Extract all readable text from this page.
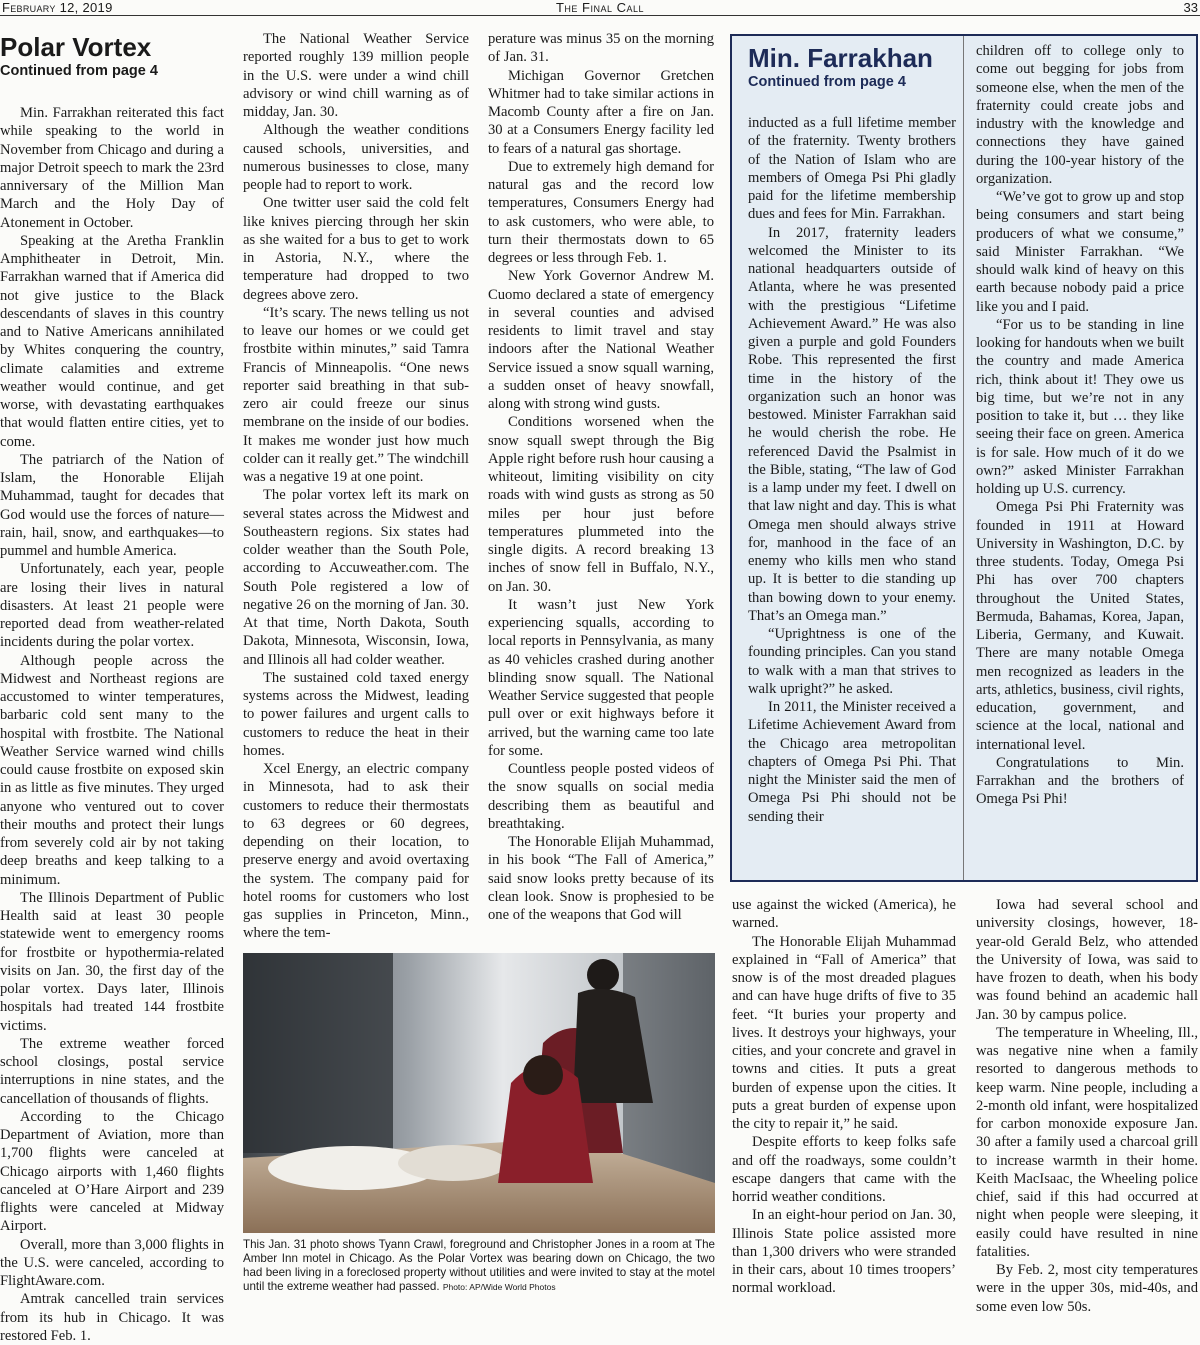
The Final Call
February 12, 2019	33
Polar Vortex
Continued from page 4

Min. Farrakhan reiterated this fact while speaking to the world in November from Chicago and during a major Detroit speech to mark the 23rd anniversary of the Million Man March and the Holy Day of Atonement in October.

Speaking at the Aretha Franklin Amphitheater in Detroit, Min. Farrakhan warned that if America did not give justice to the Black descendants of slaves in this country and to Native Americans annihilated by Whites conquering the country, climate calamities and extreme weather would continue, and get worse, with devastating earthquakes that would flatten entire cities, yet to come.

The patriarch of the Nation of Islam, the Honorable Elijah Muhammad, taught for decades that God would use the forces of nature—rain, hail, snow, and earthquakes—to pummel and humble America.

Unfortunately, each year, people are losing their lives in natural disasters. At least 21 people were reported dead from weather-related incidents during the polar vortex.

Although people across the Midwest and Northeast regions are accustomed to winter temperatures, barbaric cold sent many to the hospital with frostbite. The National Weather Service warned wind chills could cause frostbite on exposed skin in as little as five minutes. They urged anyone who ventured out to cover their mouths and protect their lungs from severely cold air by not taking deep breaths and keep talking to a minimum.

The Illinois Department of Public Health said at least 30 people statewide went to emergency rooms for frostbite or hypothermia-related visits on Jan. 30, the first day of the polar vortex. Days later, Illinois hospitals had treated 144 frostbite victims.

The extreme weather forced school closings, postal service interruptions in nine states, and the cancellation of thousands of flights.

According to the Chicago Department of Aviation, more than 1,700 flights were canceled at Chicago airports with 1,460 flights canceled at O’Hare Airport and 239 flights were canceled at Midway Airport.

Overall, more than 3,000 flights in the U.S. were canceled, according to FlightAware.com.

Amtrak cancelled train services from its hub in Chicago. It was restored Feb. 1.

The National Weather Service reported roughly 139 million people in the U.S. were under a wind chill advisory or wind chill warning as of midday, Jan. 30.

Although the weather conditions caused schools, universities, and numerous businesses to close, many people had to report to work.

One twitter user said the cold felt like knives piercing through her skin as she waited for a bus to get to work in Astoria, N.Y., where the temperature had dropped to two degrees above zero.

“It’s scary. The news telling us not to leave our homes or we could get frostbite within minutes,” said Tamra Francis of Minneapolis. “One news reporter said breathing in that sub-zero air could freeze our sinus membrane on the inside of our bodies. It makes me wonder just how much colder can it really get.” The windchill was a negative 19 at one point.

The polar vortex left its mark on several states across the Midwest and Southeastern regions. Six states had colder weather than the South Pole, according to Accuweather.com. The South Pole registered a low of negative 26 on the morning of Jan. 30. At that time, North Dakota, South Dakota, Minnesota, Wisconsin, Iowa, and Illinois all had colder weather.

The sustained cold taxed energy systems across the Midwest, leading to power failures and urgent calls to customers to reduce the heat in their homes.

Xcel Energy, an electric company in Minnesota, had to ask their customers to reduce their thermostats to 63 degrees or 60 degrees, depending on their location, to preserve energy and avoid overtaxing the system. The company paid for hotel rooms for customers who lost gas supplies in Princeton, Minn., where the tem-

perature was minus 35 on the morning of Jan. 31.

Michigan Governor Gretchen Whitmer had to take similar actions in Macomb County after a fire on Jan. 30 at a Consumers Energy facility led to fears of a natural gas shortage.

Due to extremely high demand for natural gas and the record low temperatures, Consumers Energy had to ask customers, who were able, to turn their thermostats down to 65 degrees or less through Feb. 1.

New York Governor Andrew M. Cuomo declared a state of emergency in several counties and advised residents to limit travel and stay indoors after the National Weather Service issued a snow squall warning, a sudden onset of heavy snowfall, along with strong wind gusts.

Conditions worsened when the snow squall swept through the Big Apple right before rush hour causing a whiteout, limiting visibility on city roads with wind gusts as strong as 50 miles per hour just before temperatures plummeted into the single digits. A record breaking 13 inches of snow fell in Buffalo, N.Y., on Jan. 30.

It wasn’t just New York experiencing squalls, according to local reports in Pennsylvania, as many as 40 vehicles crashed during another blinding snow squall. The National Weather Service suggested that people pull over or exit highways before it arrived, but the warning came too late for some.

Countless people posted videos of the snow squalls on social media describing them as beautiful and breathtaking.

The Honorable Elijah Muhammad, in his book “The Fall of America,” said snow looks pretty because of its clean look. Snow is prophesied to be one of the weapons that God will

use against the wicked (America), he warned.

The Honorable Elijah Muhammad explained in “Fall of America” that snow is of the most dreaded plagues and can have huge drifts of five to 35 feet. “It buries your property and lives. It destroys your highways, your cities, and your concrete and gravel in towns and cities. It puts a great burden of expense upon the cities. It puts a great burden of expense upon the city to repair it,” he said.

Despite efforts to keep folks safe and off the roadways, some couldn’t escape dangers that came with the horrid weather conditions.

In an eight-hour period on Jan. 30, Illinois State police assisted more than 1,300 drivers who were stranded in their cars, about 10 times troopers’ normal workload.

Iowa had several school and university closings, however, 18-year-old Gerald Belz, who attended the University of Iowa, was said to have frozen to death, when his body was found behind an academic hall Jan. 30 by campus police.

The temperature in Wheeling, Ill., was negative nine when a family resorted to dangerous methods to keep warm. Nine people, including a 2-month old infant, were hospitalized for carbon monoxide exposure Jan. 30 after a family used a charcoal grill to increase warmth in their home. Keith MacIsaac, the Wheeling police chief, said if this had occurred at night when people were sleeping, it easily could have resulted in nine fatalities.

By Feb. 2, most city temperatures were in the upper 30s, mid-40s, and some even low 50s.

Min. Farrakhan
Continued from page 4

inducted as a full lifetime member of the fraternity. Twenty brothers of the Nation of Islam who are members of Omega Psi Phi gladly paid for the lifetime membership dues and fees for Min. Farrakhan.

In 2017, fraternity leaders welcomed the Minister to its national headquarters outside of Atlanta, where he was presented with the prestigious “Lifetime Achievement Award.” He was also given a purple and gold Founders Robe. This represented the first time in the history of the organization such an honor was bestowed. Minister Farrakhan said he would cherish the robe. He referenced David the Psalmist in the Bible, stating, “The law of God is a lamp under my feet. I dwell on that law night and day. This is what Omega men should always strive for, manhood in the face of an enemy who kills men who stand up. It is better to die standing up than bowing down to your enemy. That’s an Omega man.”

“Uprightness is one of the founding principles. Can you stand to walk with a man that strives to walk upright?” he asked.

In 2011, the Minister received a Lifetime Achievement Award from the Chicago area metropolitan chapters of Omega Psi Phi. That night the Minister said the men of Omega Psi Phi should not be sending their

children off to college only to come out begging for jobs from someone else, when the men of the fraternity could create jobs and industry with the knowledge and connections they have gained during the 100-year history of the organization.

“We’ve got to grow up and stop being consumers and start being producers of what we consume,” said Minister Farrakhan. “We should walk kind of heavy on this earth because nobody paid a price like you and I paid.

“For us to be standing in line looking for handouts when we built the country and made America rich, think about it! They owe us big time, but we’re not in any position to take it, but … they like seeing their face on green. America is for sale. How much of it do we own?” asked Minister Farrakhan holding up U.S. currency.

Omega Psi Phi Fraternity was founded in 1911 at Howard University in Washington, D.C. by three students. Today, Omega Psi Phi has over 700 chapters throughout the United States, Bermuda, Bahamas, Korea, Japan, Liberia, Germany, and Kuwait. There are many notable Omega men recognized as leaders in the arts, athletics, business, civil rights, education, government, and science at the local, national and international level.

Congratulations to Min. Farrakhan and the brothers of Omega Psi Phi!

This Jan. 31 photo shows Tyann Crawl, foreground and Christopher Jones in a room at The Amber Inn motel in Chicago. As the Polar Vortex was bearing down on Chicago, the two had been living in a foreclosed property without utilities and were invited to stay at the motel until the extreme weather had passed. Photo: AP/Wide World Photos
